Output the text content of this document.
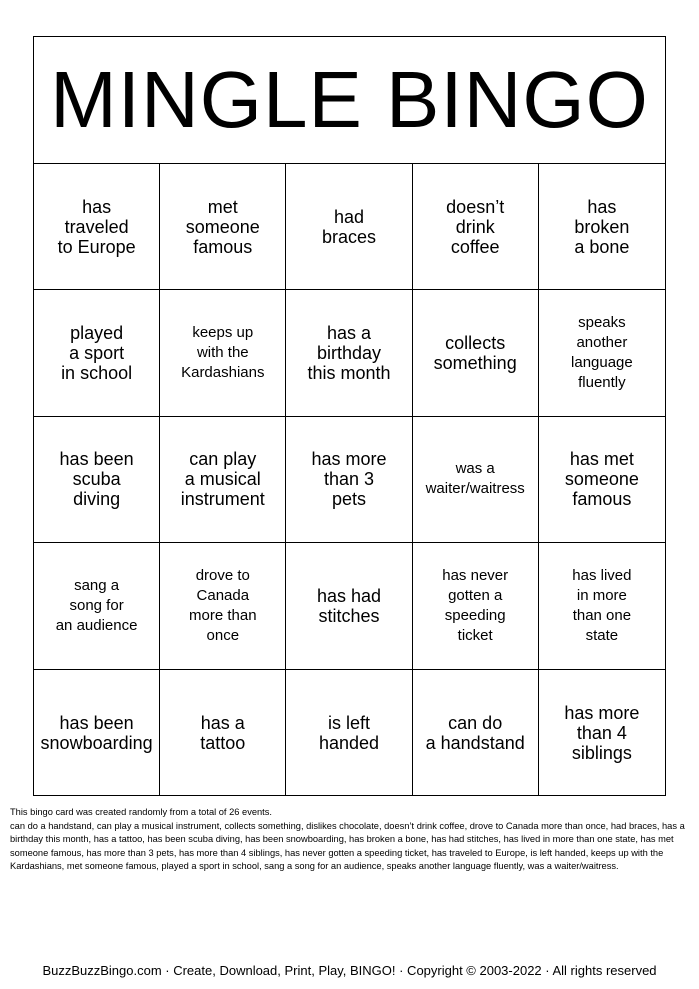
MINGLE BINGO
has
traveled
to Europe
met
someone
famous
had
braces
doesn’t
drink
coffee
has
broken
a bone
played
a sport
in school
keeps up
with the
Kardashians
has a
birthday
this month
collects
something
speaks
another
language
fluently
has been
scuba
diving
can play
a musical
instrument
has more
than 3
pets
was a
waiter/waitress
has met
someone
famous
sang a
song for
an audience
drove to
Canada
more than
once
has had
stitches
has never
gotten a
speeding
ticket
has lived
in more
than one
state
has been
snowboarding
has a
tattoo
is left
handed
can do
a handstand
has more
than 4
siblings
This bingo card was created randomly from a total of 26 events.
can do a handstand, can play a musical instrument, collects something, dislikes chocolate, doesn’t drink coffee, drove to Canada more than once, had braces, has a birthday this month, has a tattoo, has been scuba diving, has been snowboarding, has broken a bone, has had stitches, has lived in more than one state, has met someone famous, has more than 3 pets, has more than 4 siblings, has never gotten a speeding ticket, has traveled to Europe, is left handed, keeps up with the Kardashians, met someone famous, played a sport in school, sang a song for an audience, speaks another language fluently, was a waiter/waitress.
BuzzBuzzBingo.com · Create, Download, Print, Play, BINGO! · Copyright © 2003-2022 · All rights reserved
